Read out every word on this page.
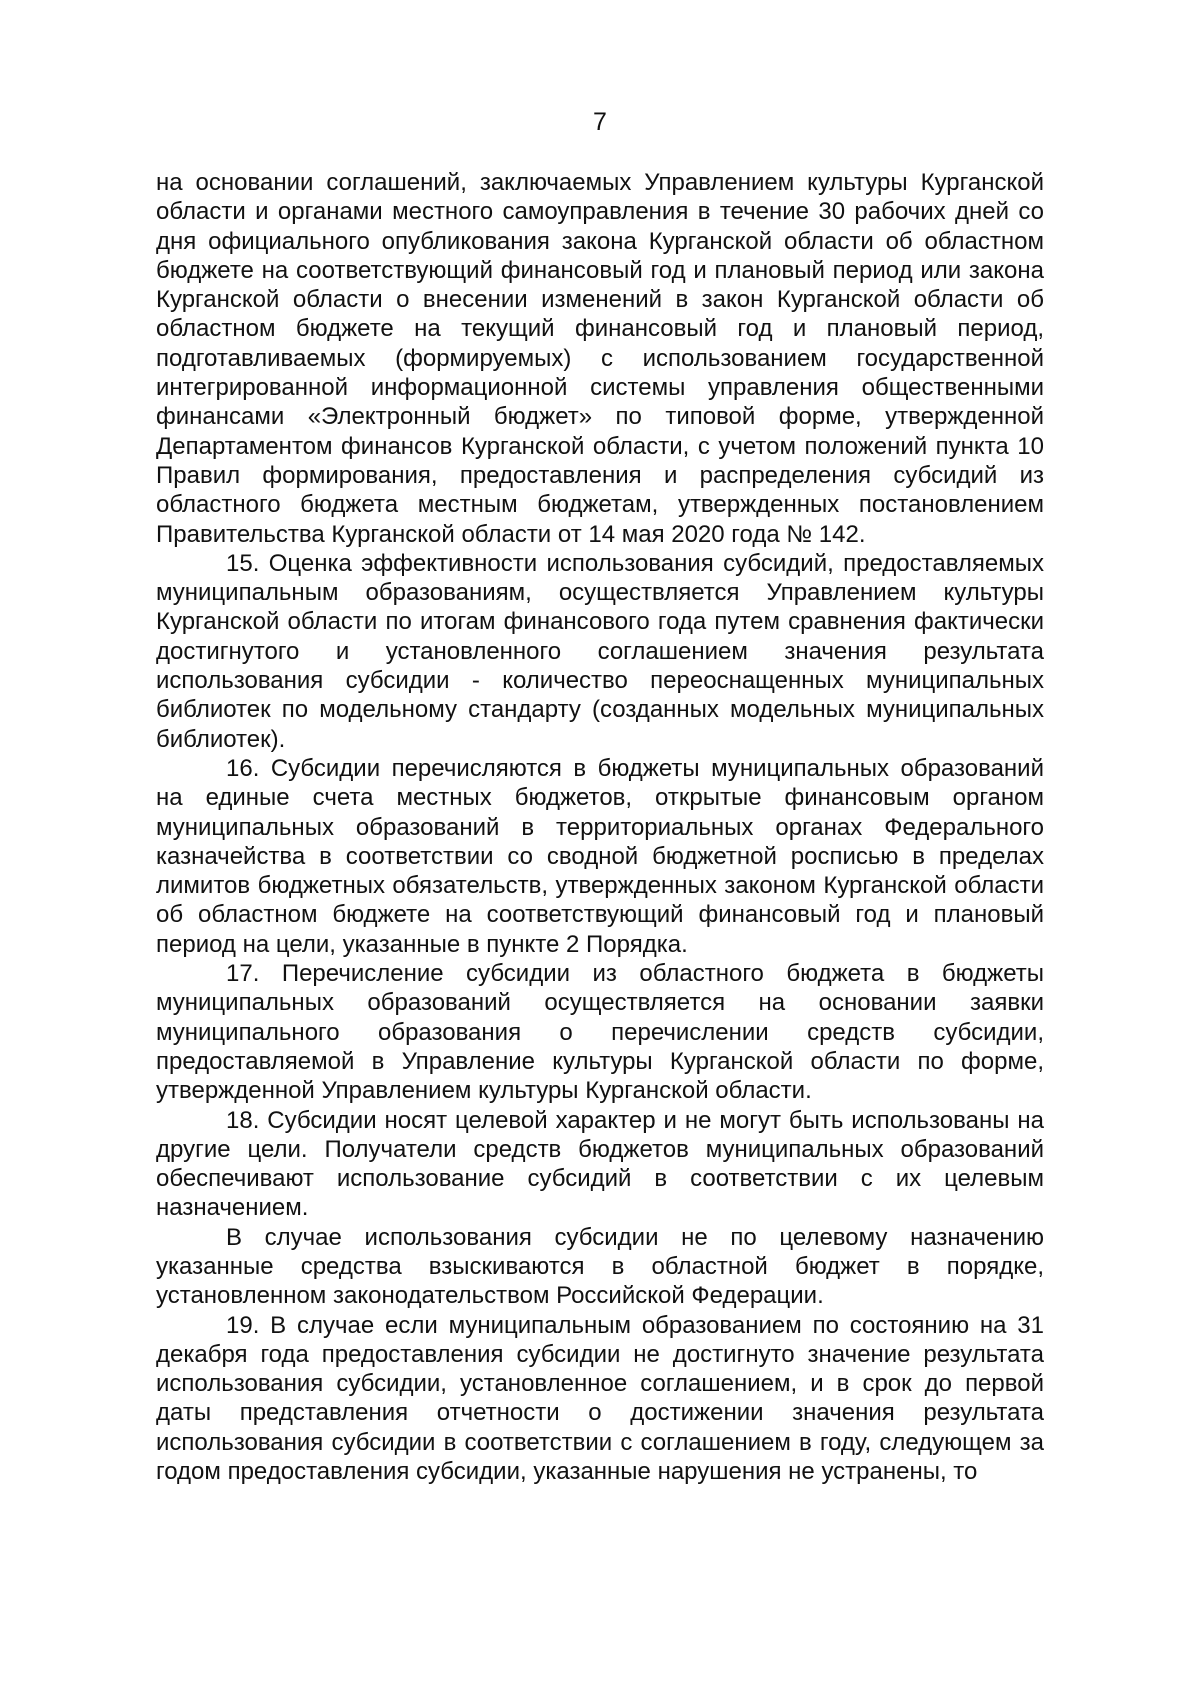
7

на основании соглашений, заключаемых Управлением культуры Курганской области и органами местного самоуправления в течение 30 рабочих дней со дня официального опубликования закона Курганской области об областном бюджете на соответствующий финансовый год и плановый период или закона Курганской области о внесении изменений в закон Курганской области об областном бюджете на текущий финансовый год и плановый период, подготавливаемых (формируемых) с использованием государственной интегрированной информационной системы управления общественными финансами «Электронный бюджет» по типовой форме, утвержденной Департаментом финансов Курганской области, с учетом положений пункта 10 Правил формирования, предоставления и распределения субсидий из областного бюджета местным бюджетам, утвержденных постановлением Правительства Курганской области от 14 мая 2020 года № 142.

15. Оценка эффективности использования субсидий, предоставляемых муниципальным образованиям, осуществляется Управлением культуры Курганской области по итогам финансового года путем сравнения фактически достигнутого и установленного соглашением значения результата использования субсидии - количество переоснащенных муниципальных библиотек по модельному стандарту (созданных модельных муниципальных библиотек).

16. Субсидии перечисляются в бюджеты муниципальных образований на единые счета местных бюджетов, открытые финансовым органом муниципальных образований в территориальных органах Федерального казначейства в соответствии со сводной бюджетной росписью в пределах лимитов бюджетных обязательств, утвержденных законом Курганской области об областном бюджете на соответствующий финансовый год и плановый период на цели, указанные в пункте 2 Порядка.

17. Перечисление субсидии из областного бюджета в бюджеты муниципальных образований осуществляется на основании заявки муниципального образования о перечислении средств субсидии, предоставляемой в Управление культуры Курганской области по форме, утвержденной Управлением культуры Курганской области.

18. Субсидии носят целевой характер и не могут быть использованы на другие цели. Получатели средств бюджетов муниципальных образований обеспечивают использование субсидий в соответствии с их целевым назначением.

В случае использования субсидии не по целевому назначению указанные средства взыскиваются в областной бюджет в порядке, установленном законодательством Российской Федерации.

19. В случае если муниципальным образованием по состоянию на 31 декабря года предоставления субсидии не достигнуто значение результата использования субсидии, установленное соглашением, и в срок до первой даты представления отчетности о достижении значения результата использования субсидии в соответствии с соглашением в году, следующем за годом предоставления субсидии, указанные нарушения не устранены, то
